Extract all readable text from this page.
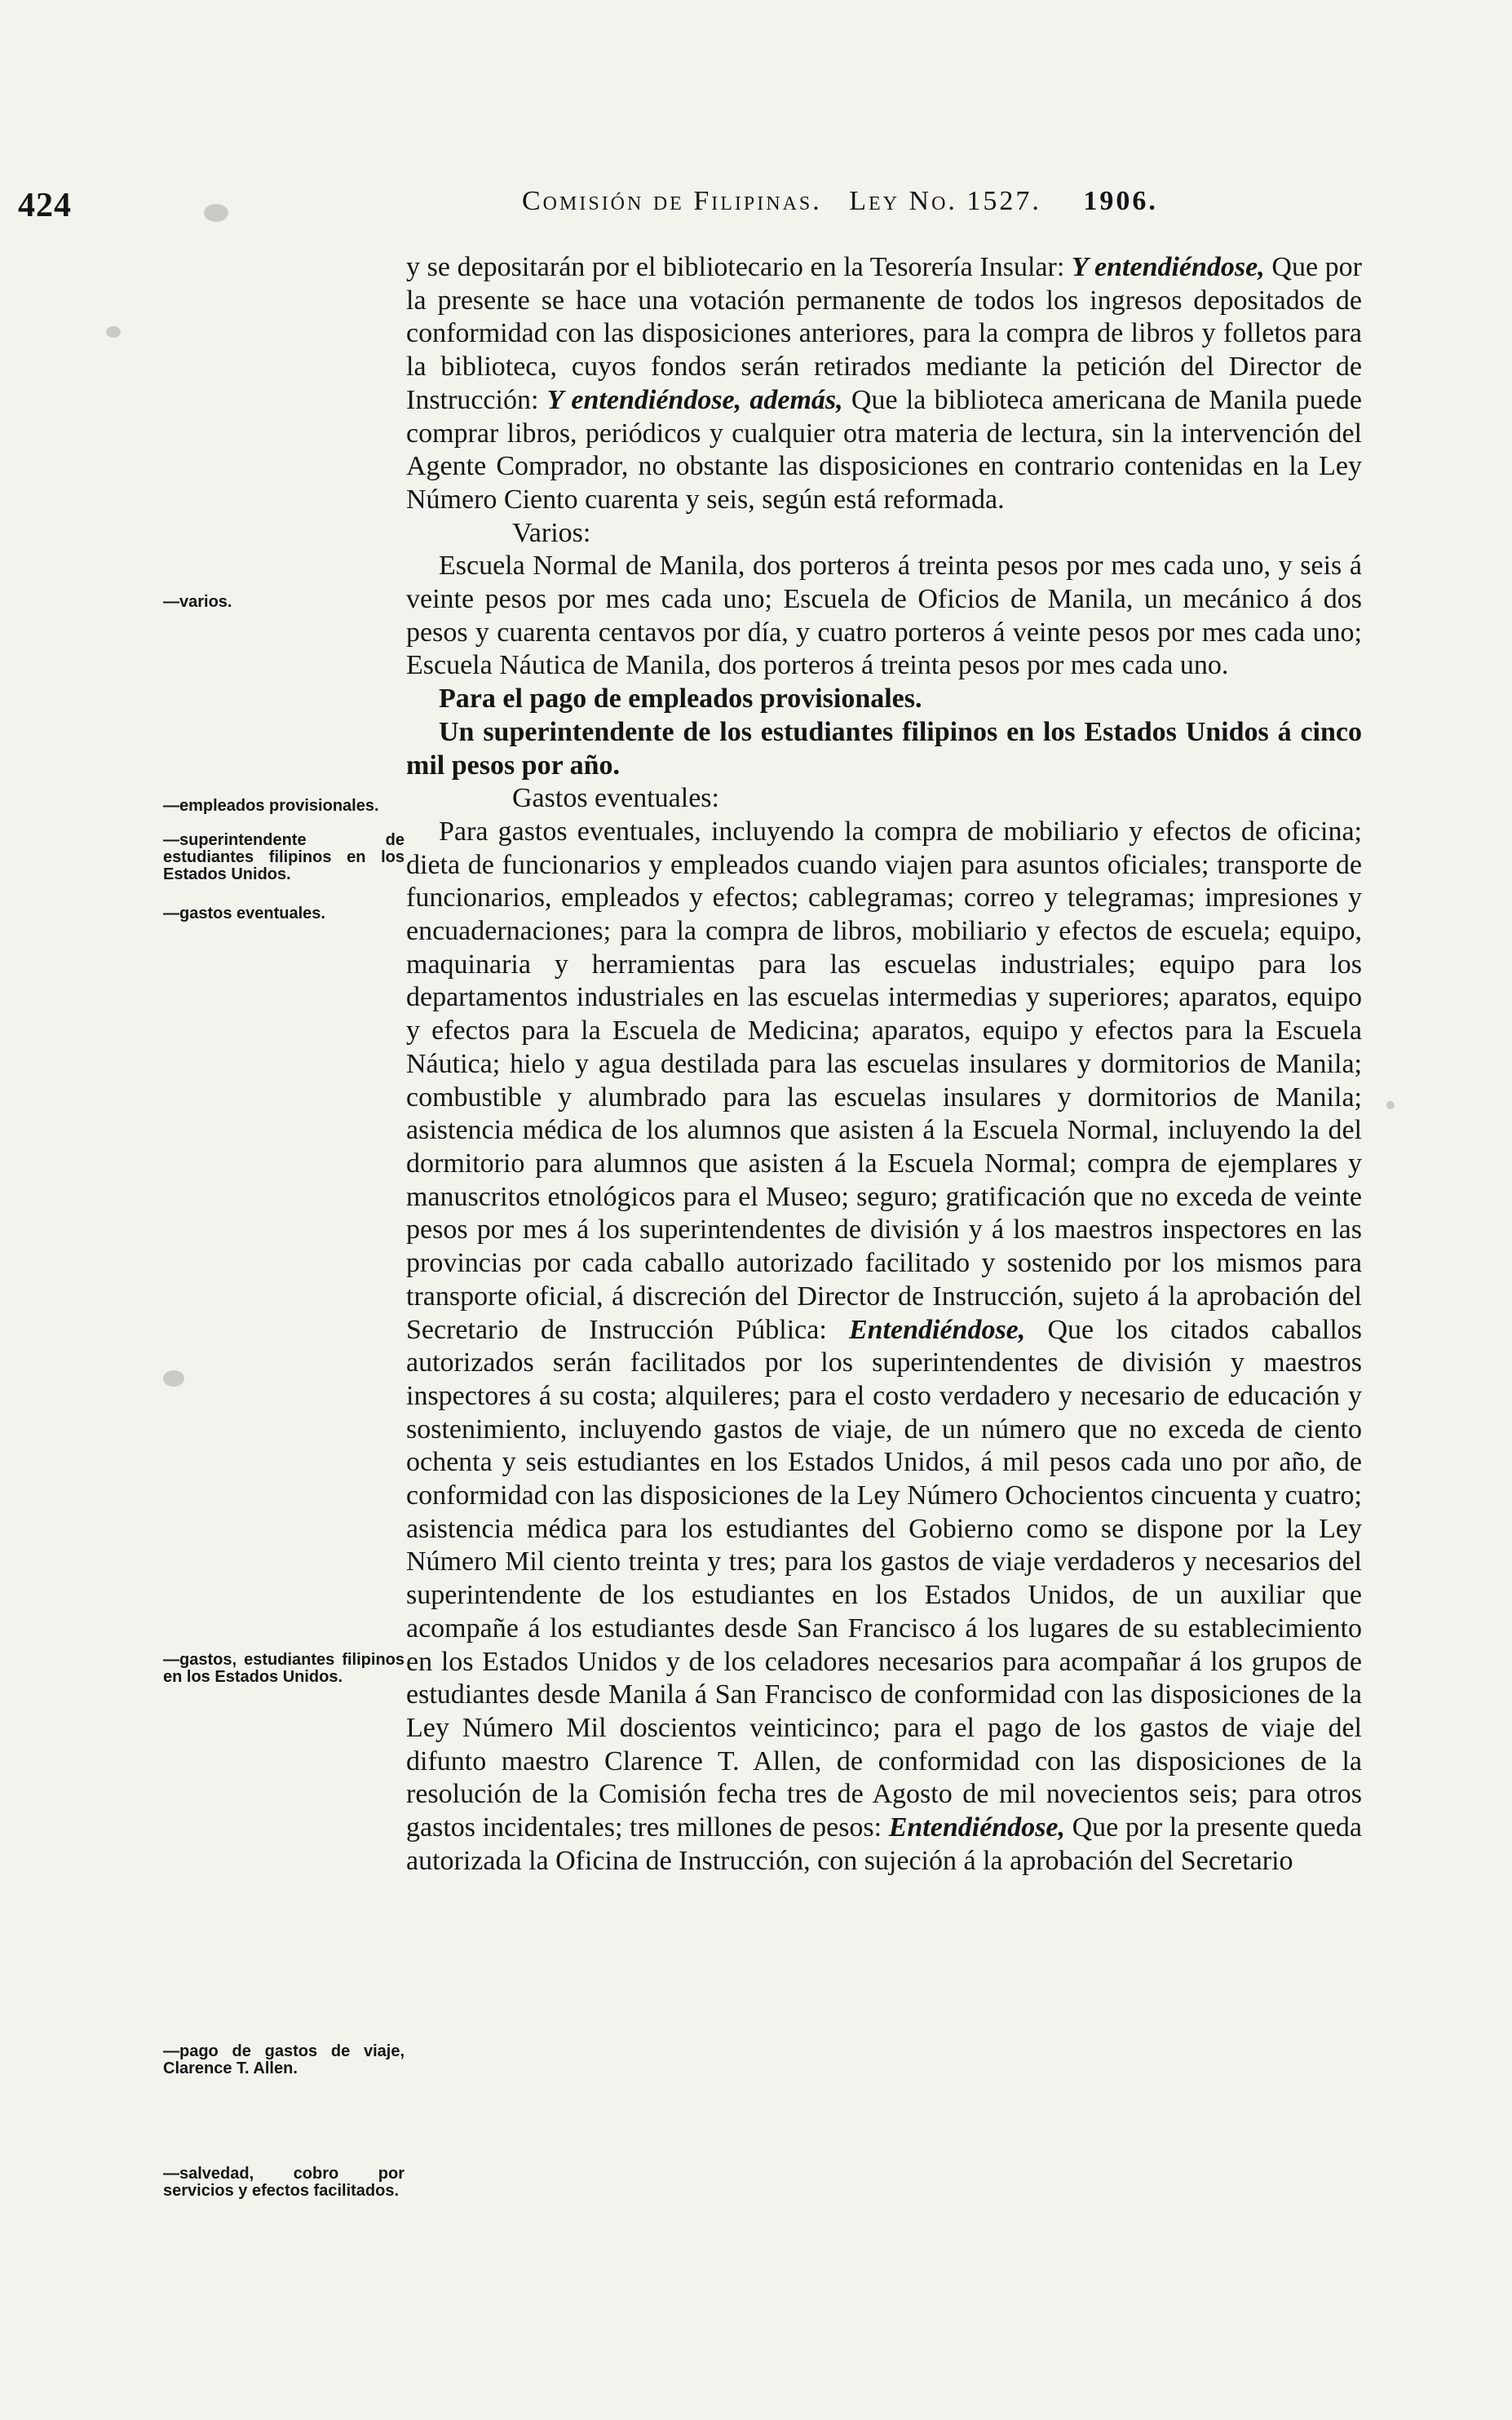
424	Comisión de Filipinas. Ley No. 1527. 1906.
—varios.
—empleados provisionales.
—superintendente de estudiantes filipinos en los Estados Unidos.
—gastos eventuales.
—gastos, estudiantes filipinos en los Estados Unidos.
—pago de gastos de viaje, Clarence T. Allen.
—salvedad, cobro por servicios y efectos facilitados.

y se depositarán por el bibliotecario en la Tesorería Insular: Y entendiéndose, Que por la presente se hace una votación permanente de todos los ingresos depositados de conformidad con las disposiciones anteriores, para la compra de libros y folletos para la biblioteca, cuyos fondos serán retirados mediante la petición del Director de Instrucción: Y entendiéndose, además, Que la biblioteca americana de Manila puede comprar libros, periódicos y cualquier otra materia de lectura, sin la intervención del Agente Comprador, no obstante las disposiciones en contrario contenidas en la Ley Número Ciento cuarenta y seis, según está reformada.

Varios:

Escuela Normal de Manila, dos porteros á treinta pesos por mes cada uno, y seis á veinte pesos por mes cada uno; Escuela de Oficios de Manila, un mecánico á dos pesos y cuarenta centavos por día, y cuatro porteros á veinte pesos por mes cada uno; Escuela Náutica de Manila, dos porteros á treinta pesos por mes cada uno.

Para el pago de empleados provisionales.

Un superintendente de los estudiantes filipinos en los Estados Unidos á cinco mil pesos por año.

Gastos eventuales:

Para gastos eventuales, incluyendo la compra de mobiliario y efectos de oficina; dieta de funcionarios y empleados cuando viajen para asuntos oficiales; transporte de funcionarios, empleados y efectos; cablegramas; correo y telegramas; impresiones y encuadernaciones; para la compra de libros, mobiliario y efectos de escuela; equipo, maquinaria y herramientas para las escuelas industriales; equipo para los departamentos industriales en las escuelas intermedias y superiores; aparatos, equipo y efectos para la Escuela de Medicina; aparatos, equipo y efectos para la Escuela Náutica; hielo y agua destilada para las escuelas insulares y dormitorios de Manila; combustible y alumbrado para las escuelas insulares y dormitorios de Manila; asistencia médica de los alumnos que asisten á la Escuela Normal, incluyendo la del dormitorio para alumnos que asisten á la Escuela Normal; compra de ejemplares y manuscritos etnológicos para el Museo; seguro; gratificación que no exceda de veinte pesos por mes á los superintendentes de división y á los maestros inspectores en las provincias por cada caballo autorizado facilitado y sostenido por los mismos para transporte oficial, á discreción del Director de Instrucción, sujeto á la aprobación del Secretario de Instrucción Pública: Entendiéndose, Que los citados caballos autorizados serán facilitados por los superintendentes de división y maestros inspectores á su costa; alquileres; para el costo verdadero y necesario de educación y sostenimiento, incluyendo gastos de viaje, de un número que no exceda de ciento ochenta y seis estudiantes en los Estados Unidos, á mil pesos cada uno por año, de conformidad con las disposiciones de la Ley Número Ochocientos cincuenta y cuatro; asistencia médica para los estudiantes del Gobierno como se dispone por la Ley Número Mil ciento treinta y tres; para los gastos de viaje verdaderos y necesarios del superintendente de los estudiantes en los Estados Unidos, de un auxiliar que acompañe á los estudiantes desde San Francisco á los lugares de su establecimiento en los Estados Unidos y de los celadores necesarios para acompañar á los grupos de estudiantes desde Manila á San Francisco de conformidad con las disposiciones de la Ley Número Mil doscientos veinticinco; para el pago de los gastos de viaje del difunto maestro Clarence T. Allen, de conformidad con las disposiciones de la resolución de la Comisión fecha tres de Agosto de mil novecientos seis; para otros gastos incidentales; tres millones de pesos: Entendiéndose, Que por la presente queda autorizada la Oficina de Instrucción, con sujeción á la aprobación del Secretario
